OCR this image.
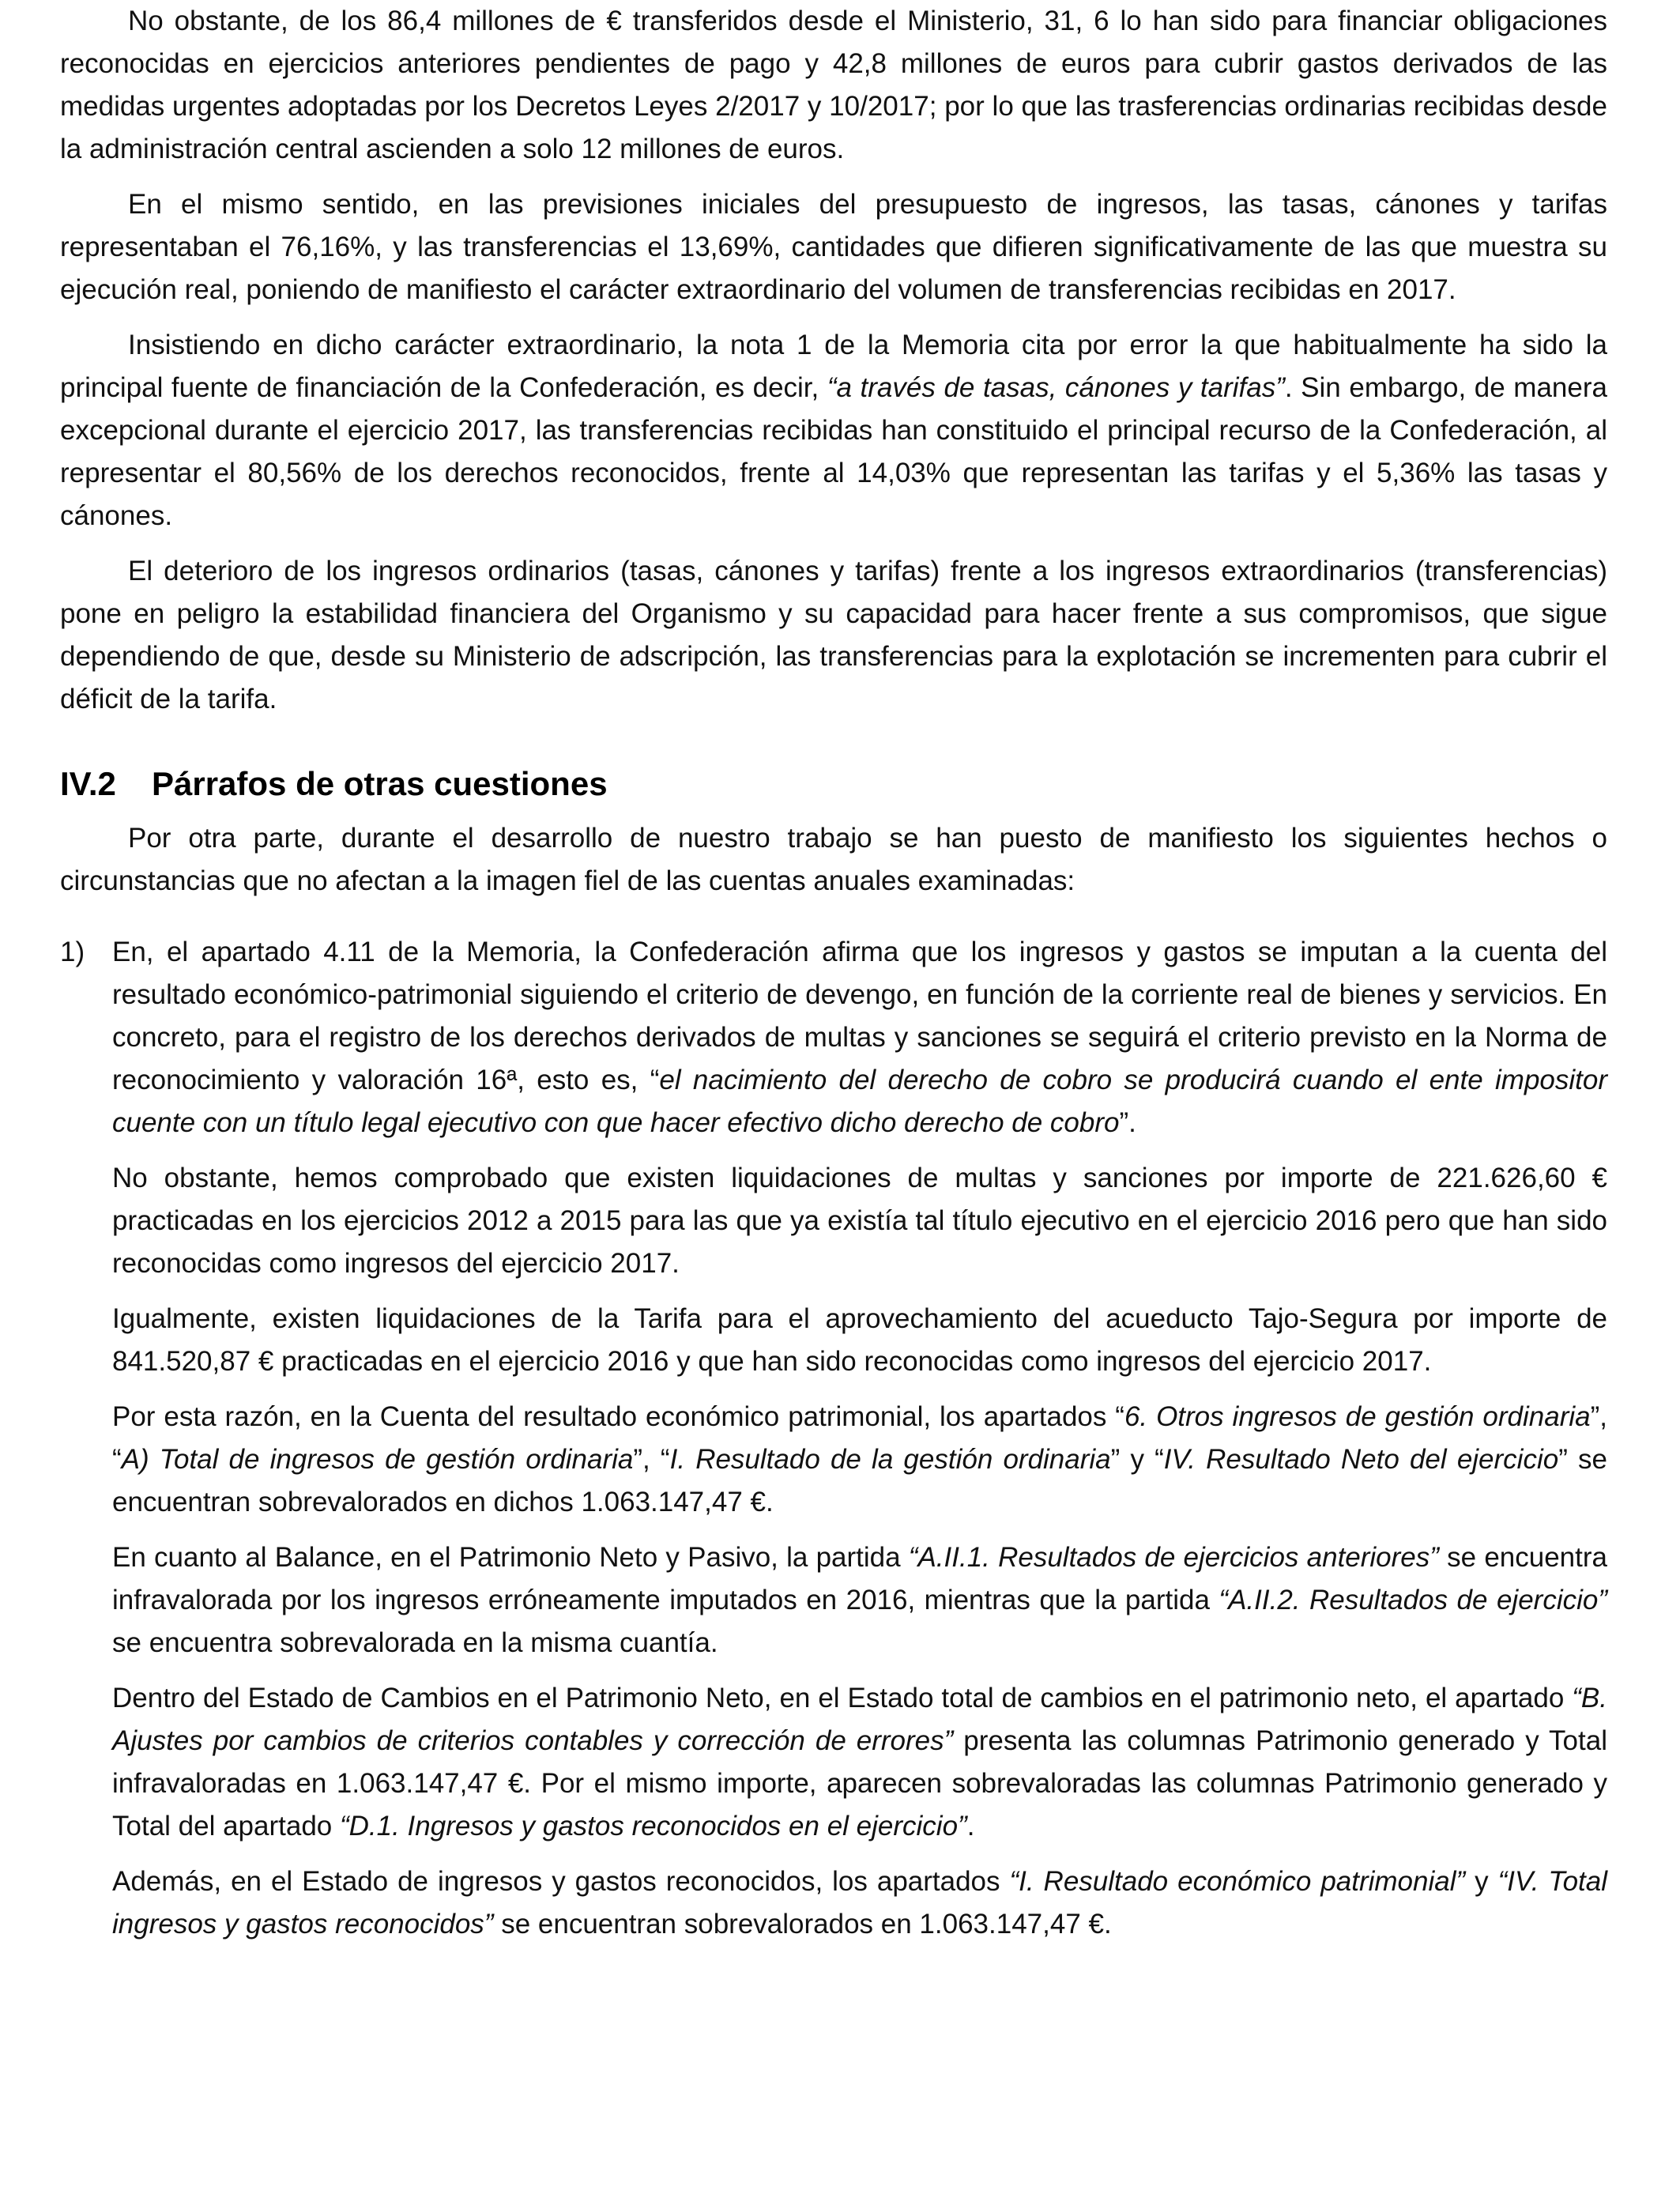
No obstante, de los 86,4 millones de € transferidos desde el Ministerio, 31, 6 lo han sido para financiar obligaciones reconocidas en ejercicios anteriores pendientes de pago y 42,8 millones de euros para cubrir gastos derivados de las medidas urgentes adoptadas por los Decretos Leyes 2/2017 y 10/2017; por lo que las trasferencias ordinarias recibidas desde la administración central ascienden a solo 12 millones de euros.

En el mismo sentido, en las previsiones iniciales del presupuesto de ingresos, las tasas, cánones y tarifas representaban el 76,16%, y las transferencias el 13,69%, cantidades que difieren significativamente de las que muestra su ejecución real, poniendo de manifiesto el carácter extraordinario del volumen de transferencias recibidas en 2017.

Insistiendo en dicho carácter extraordinario, la nota 1 de la Memoria cita por error la que habitualmente ha sido la principal fuente de financiación de la Confederación, es decir, “a través de tasas, cánones y tarifas”. Sin embargo, de manera excepcional durante el ejercicio 2017, las transferencias recibidas han constituido el principal recurso de la Confederación, al representar el 80,56% de los derechos reconocidos, frente al 14,03% que representan las tarifas y el 5,36% las tasas y cánones.

El deterioro de los ingresos ordinarios (tasas, cánones y tarifas) frente a los ingresos extraordinarios (transferencias) pone en peligro la estabilidad financiera del Organismo y su capacidad para hacer frente a sus compromisos, que sigue dependiendo de que, desde su Ministerio de adscripción, las transferencias para la explotación se incrementen para cubrir el déficit de la tarifa.

IV.2 Párrafos de otras cuestiones

Por otra parte, durante el desarrollo de nuestro trabajo se han puesto de manifiesto los siguientes hechos o circunstancias que no afectan a la imagen fiel de las cuentas anuales examinadas:

1) En, el apartado 4.11 de la Memoria, la Confederación afirma que los ingresos y gastos se imputan a la cuenta del resultado económico-patrimonial siguiendo el criterio de devengo, en función de la corriente real de bienes y servicios. En concreto, para el registro de los derechos derivados de multas y sanciones se seguirá el criterio previsto en la Norma de reconocimiento y valoración 16ª, esto es, “el nacimiento del derecho de cobro se producirá cuando el ente impositor cuente con un título legal ejecutivo con que hacer efectivo dicho derecho de cobro”.

No obstante, hemos comprobado que existen liquidaciones de multas y sanciones por importe de 221.626,60 € practicadas en los ejercicios 2012 a 2015 para las que ya existía tal título ejecutivo en el ejercicio 2016 pero que han sido reconocidas como ingresos del ejercicio 2017.

Igualmente, existen liquidaciones de la Tarifa para el aprovechamiento del acueducto Tajo-Segura por importe de 841.520,87 € practicadas en el ejercicio 2016 y que han sido reconocidas como ingresos del ejercicio 2017.

Por esta razón, en la Cuenta del resultado económico patrimonial, los apartados “6. Otros ingresos de gestión ordinaria”, “A) Total de ingresos de gestión ordinaria”, “I. Resultado de la gestión ordinaria” y “IV. Resultado Neto del ejercicio” se encuentran sobrevalorados en dichos 1.063.147,47 €.

En cuanto al Balance, en el Patrimonio Neto y Pasivo, la partida “A.II.1. Resultados de ejercicios anteriores” se encuentra infravalorada por los ingresos erróneamente imputados en 2016, mientras que la partida “A.II.2. Resultados de ejercicio” se encuentra sobrevalorada en la misma cuantía.

Dentro del Estado de Cambios en el Patrimonio Neto, en el Estado total de cambios en el patrimonio neto, el apartado “B. Ajustes por cambios de criterios contables y corrección de errores” presenta las columnas Patrimonio generado y Total infravaloradas en 1.063.147,47 €. Por el mismo importe, aparecen sobrevaloradas las columnas Patrimonio generado y Total del apartado “D.1. Ingresos y gastos reconocidos en el ejercicio”.

Además, en el Estado de ingresos y gastos reconocidos, los apartados “I. Resultado económico patrimonial” y “IV. Total ingresos y gastos reconocidos” se encuentran sobrevalorados en 1.063.147,47 €.
